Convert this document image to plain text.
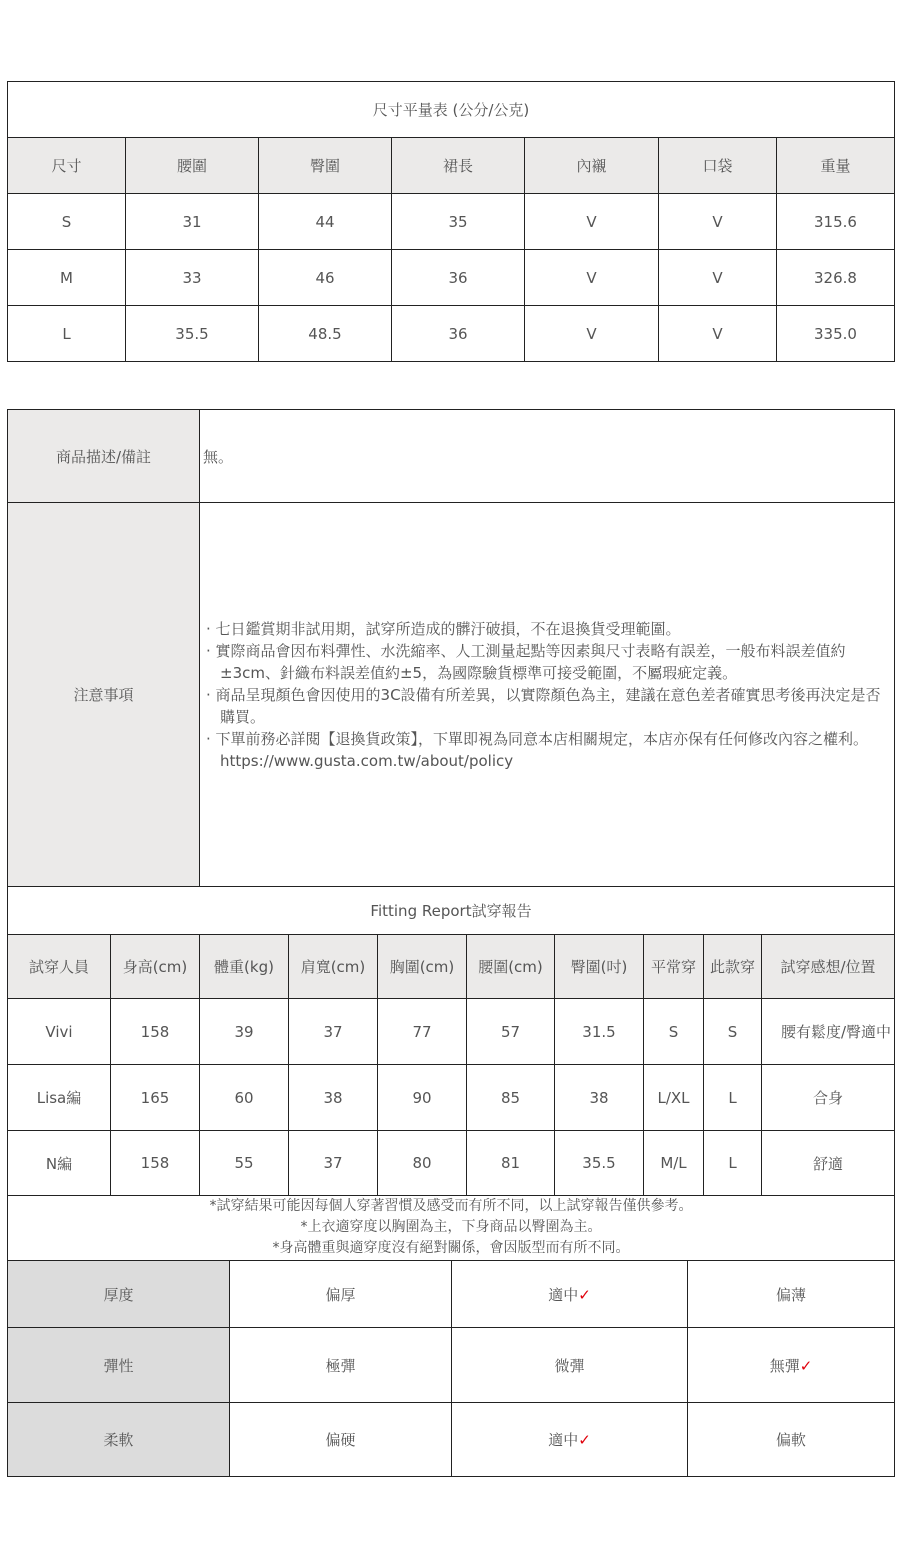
尺寸平量表 (公分/公克)						
尺寸	腰圍	臀圍	裙長	內襯	口袋	重量
S	31	44	35	V	V	315.6
M	33	46	36	V	V	326.8
L	35.5	48.5	36	V	V	335.0
商品描述/備註	無。
注意事項	· 七日鑑賞期非試用期，試穿所造成的髒汙破損，不在退換貨受理範圍。
· 實際商品會因布料彈性、水洗縮率、人工測量起點等因素與尺寸表略有誤差，一般布料誤差值約±3cm、針織布料誤差值約±5，為國際驗貨標準可接受範圍，不屬瑕疵定義。
· 商品呈現顏色會因使用的3C設備有所差異，以實際顏色為主，建議在意色差者確實思考後再決定是否購買。
· 下單前務必詳閱【退換貨政策】，下單即視為同意本店相關規定，本店亦保有任何修改內容之權利。https://www.gusta.com.tw/about/policy
Fitting Report試穿報告									
試穿人員	身高(cm)	體重(kg)	肩寬(cm)	胸圍(cm)	腰圍(cm)	臀圍(吋)	平常穿	此款穿	試穿感想/位置
Vivi	158	39	37	77	57	31.5	S	S	腰有鬆度/臀適中
Lisa編	165	60	38	90	85	38	L/XL	L	合身
N編	158	55	37	80	81	35.5	M/L	L	舒適

*試穿結果可能因每個人穿著習慣及感受而有所不同，以上試穿報告僅供參考。
*上衣適穿度以胸圍為主，下身商品以臀圍為主。
*身高體重與適穿度沒有絕對關係，會因版型而有所不同。									
厚度	偏厚	適中✓	偏薄
彈性	極彈	微彈	無彈✓
柔軟	偏硬	適中✓	偏軟
